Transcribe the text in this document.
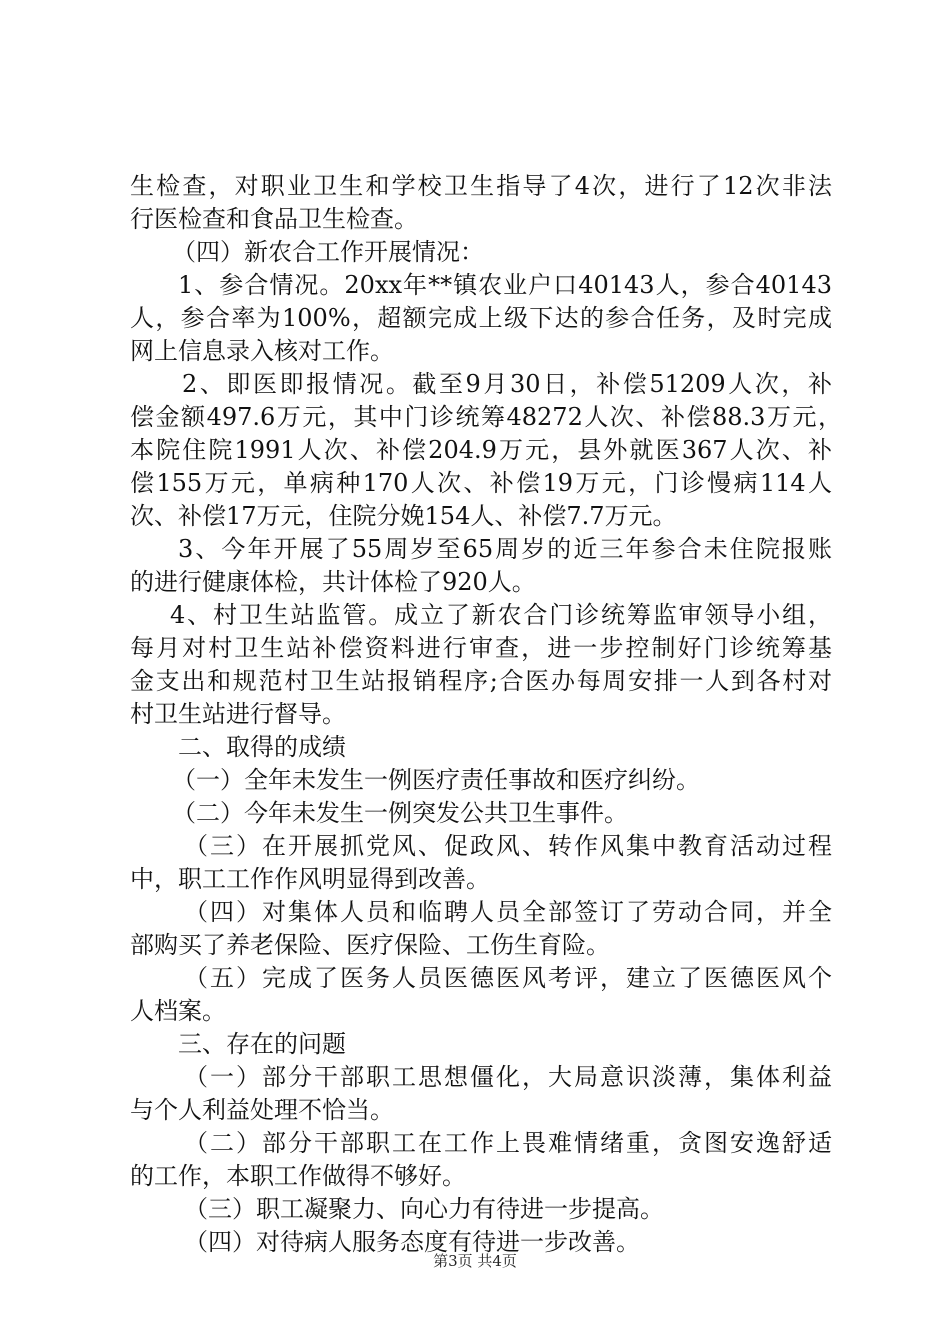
生检查，对职业卫生和学校卫生指导了4次，进行了12次非法
行医检查和食品卫生检查。
（四）新农合工作开展情况：
1、参合情况。20xx年**镇农业户口40143人，参合40143
人，参合率为100%，超额完成上级下达的参合任务，及时完成
网上信息录入核对工作。
2、即医即报情况。截至9月30日，补偿51209人次，补
偿金额497.6万元，其中门诊统筹48272人次、补偿88.3万元，
本院住院1991人次、补偿204.9万元，县外就医367人次、补
偿155万元，单病种170人次、补偿19万元，门诊慢病114人
次、补偿17万元，住院分娩154人、补偿7.7万元。
3、今年开展了55周岁至65周岁的近三年参合未住院报账
的进行健康体检，共计体检了920人。
4、村卫生站监管。成立了新农合门诊统筹监审领导小组，
每月对村卫生站补偿资料进行审查，进一步控制好门诊统筹基
金支出和规范村卫生站报销程序;合医办每周安排一人到各村对
村卫生站进行督导。
二、取得的成绩
（一）全年未发生一例医疗责任事故和医疗纠纷。
（二）今年未发生一例突发公共卫生事件。
（三）在开展抓党风、促政风、转作风集中教育活动过程
中，职工工作作风明显得到改善。
（四）对集体人员和临聘人员全部签订了劳动合同，并全
部购买了养老保险、医疗保险、工伤生育险。
（五）完成了医务人员医德医风考评，建立了医德医风个
人档案。
三、存在的问题
（一）部分干部职工思想僵化，大局意识淡薄，集体利益
与个人利益处理不恰当。
（二）部分干部职工在工作上畏难情绪重，贪图安逸舒适
的工作，本职工作做得不够好。
（三）职工凝聚力、向心力有待进一步提高。
（四）对待病人服务态度有待进一步改善。
第3页 共4页
